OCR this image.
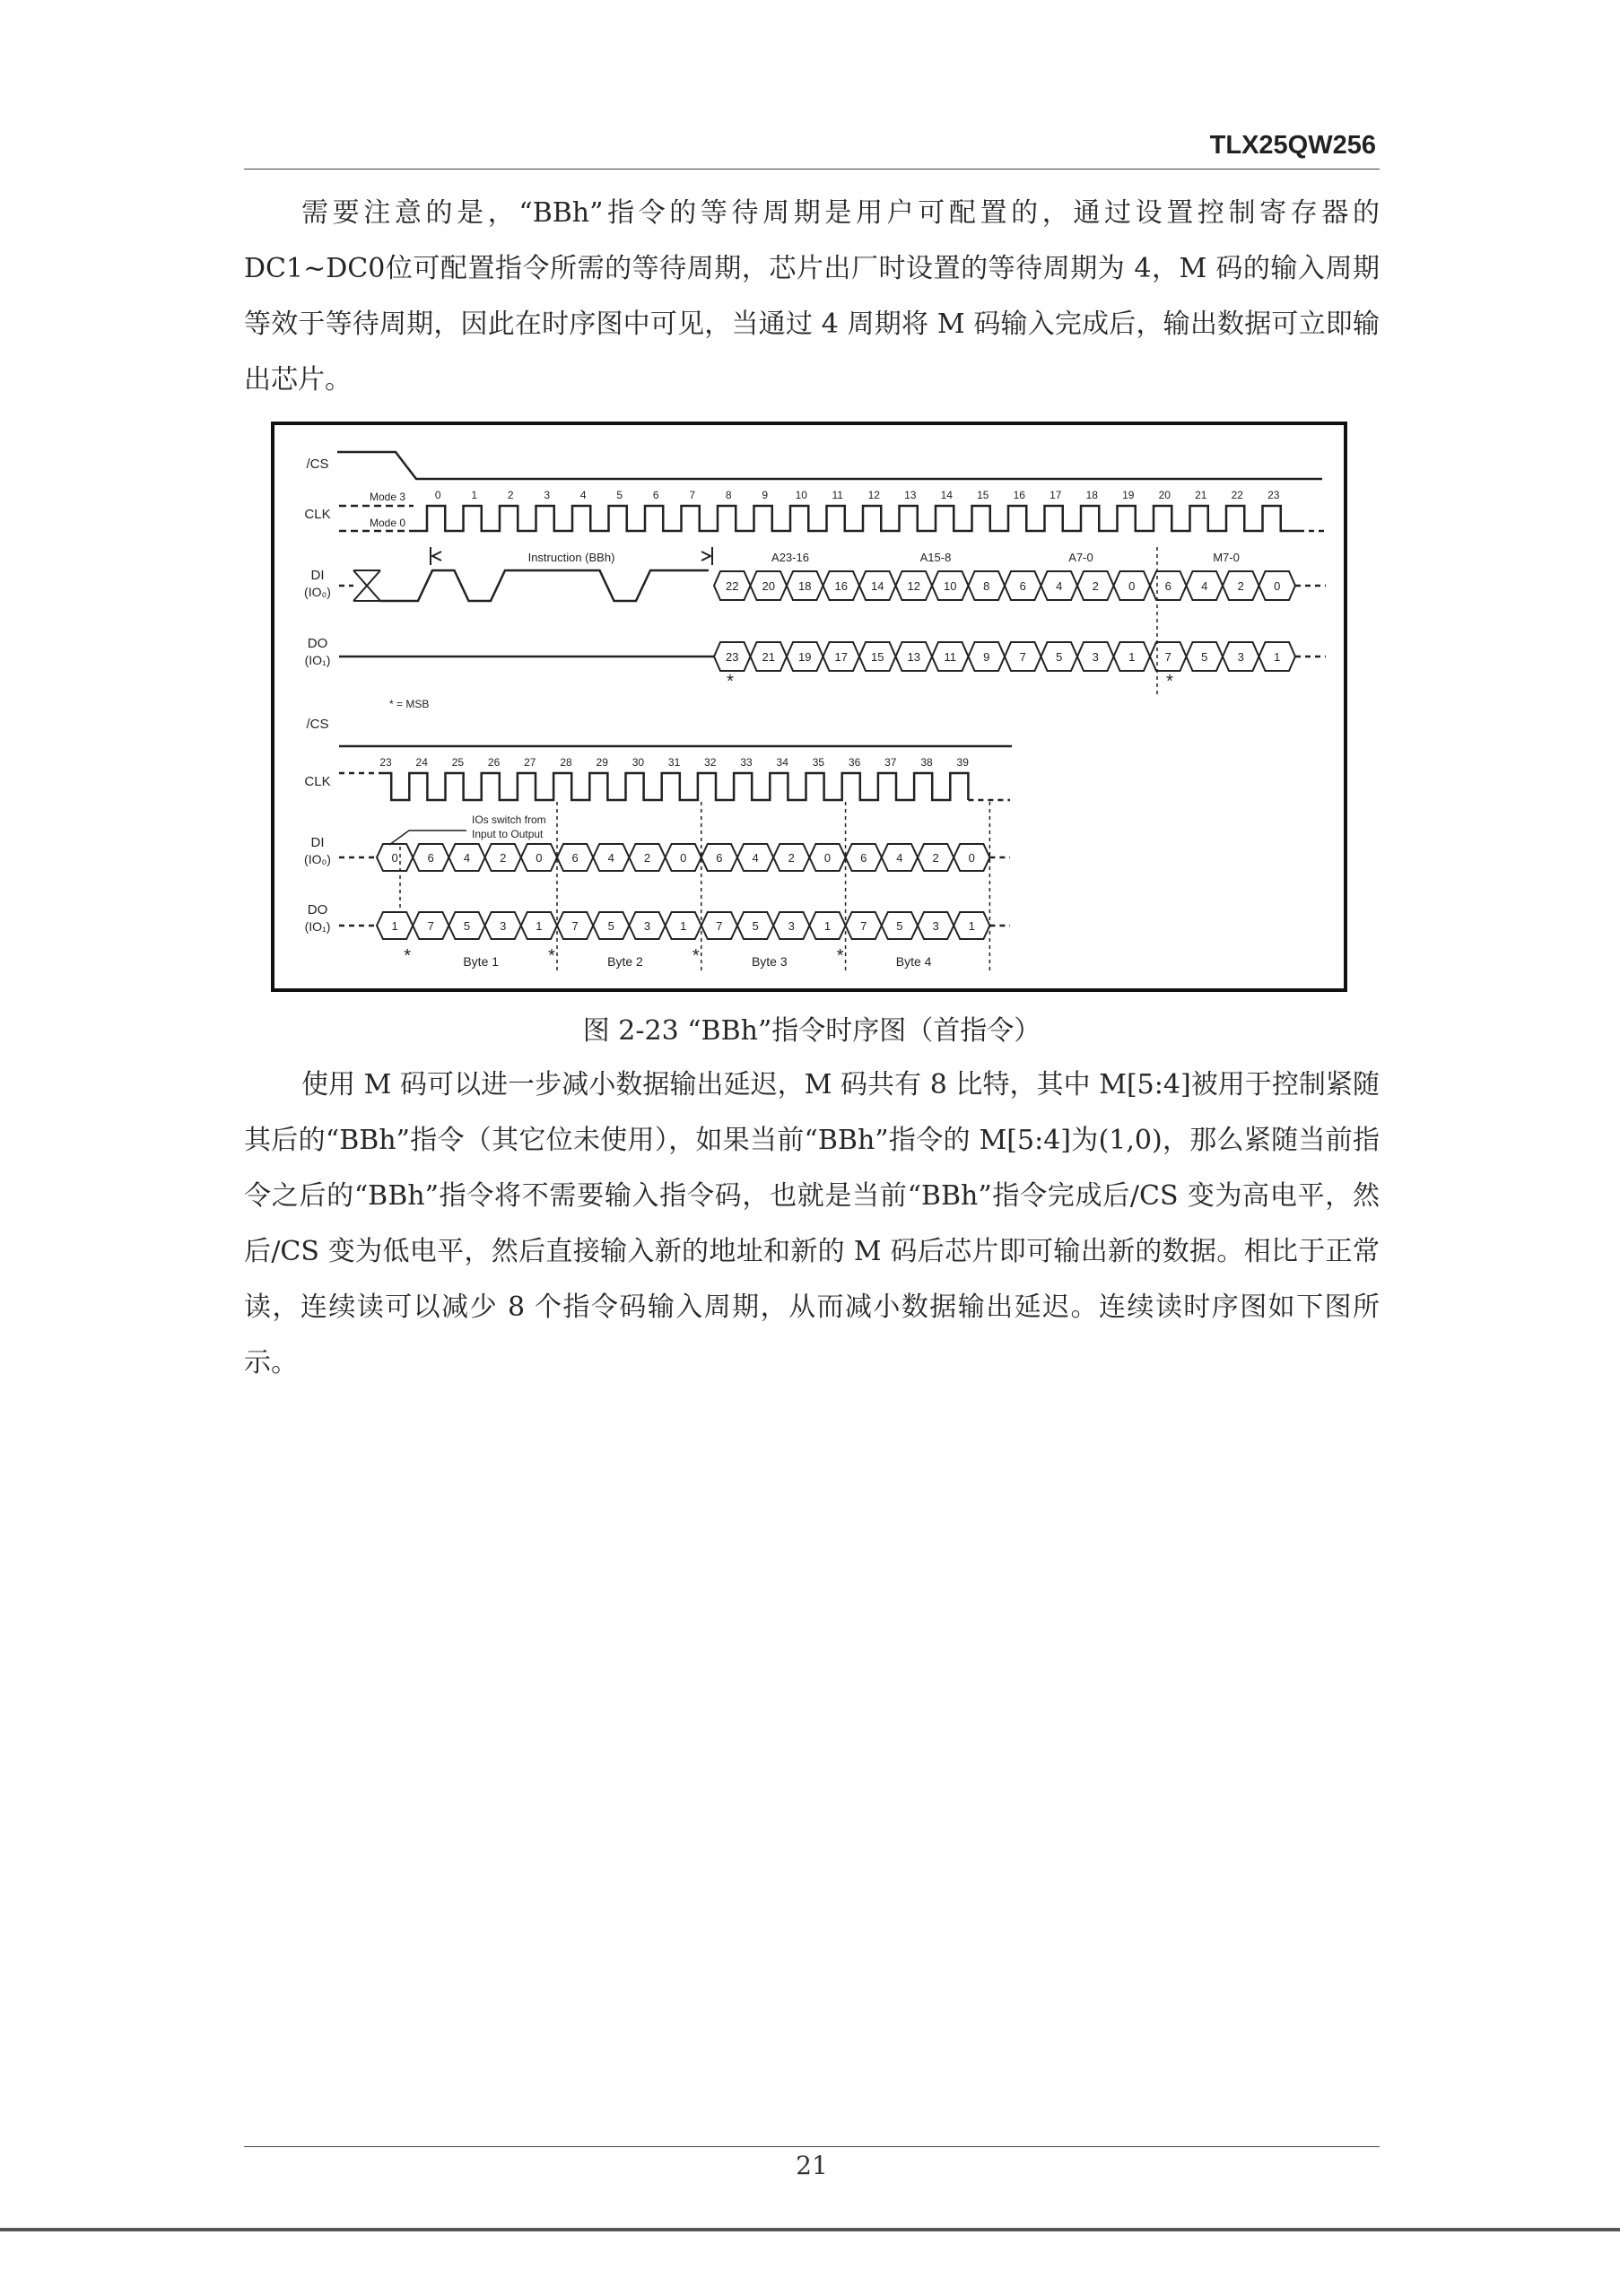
TLX25QW256

需要注意的是，“BBh”指令的等待周期是用户可配置的，通过设置控制寄存器的DC1~DC0位可配置指令所需的等待周期，芯片出厂时设置的等待周期为 4，M 码的输入周期等效于等待周期，因此在时序图中可见，当通过 4 周期将 M 码输入完成后，输出数据可立即输出芯片。

/CS
CLK
DI
(IO₀)
DO
(IO₁)
Mode 3
Mode 0
0	1	2	3	4	5	6	7	8	9	10 11 12 13 14 15 16 17 18 19 20 21 22 23
Instruction (BBh)	A23-16	A15-8	A7-0	M7-0
22 20 18 16 14 12 10 8	6	4	2	0	6	4	2	0
23 21 19 17 15 13 11 9	7	5	3	1	7	5	3	1
*	*
* = MSB
/CS
CLK
DI
(IO₀)
DO
(IO₁)
23 24 25 26 27 28 29 30 31 32 33 34 35 36 37 38 39
IOs switch from
Input to Output
0	6	4	2	0	6	4	2	0	6	4	2	0	6	4	2	0
1	7	5	3	1	7	5	3	1	7	5	3	1	7	5	3	1
*	Byte 1	*	Byte 2	*	Byte 3	*	Byte 4
图 2-23 “BBh”指令时序图（首指令）

使用 M 码可以进一步减小数据输出延迟，M 码共有 8 比特，其中 M[5:4]被用于控制紧随其后的“BBh”指令（其它位未使用），如果当前“BBh”指令的 M[5:4]为(1,0)，那么紧随当前指令之后的“BBh”指令将不需要输入指令码，也就是当前“BBh”指令完成后/CS 变为高电平，然后/CS 变为低电平，然后直接输入新的地址和新的 M 码后芯片即可输出新的数据。相比于正常读，连续读可以减少 8 个指令码输入周期，从而减小数据输出延迟。连续读时序图如下图所示。

21
